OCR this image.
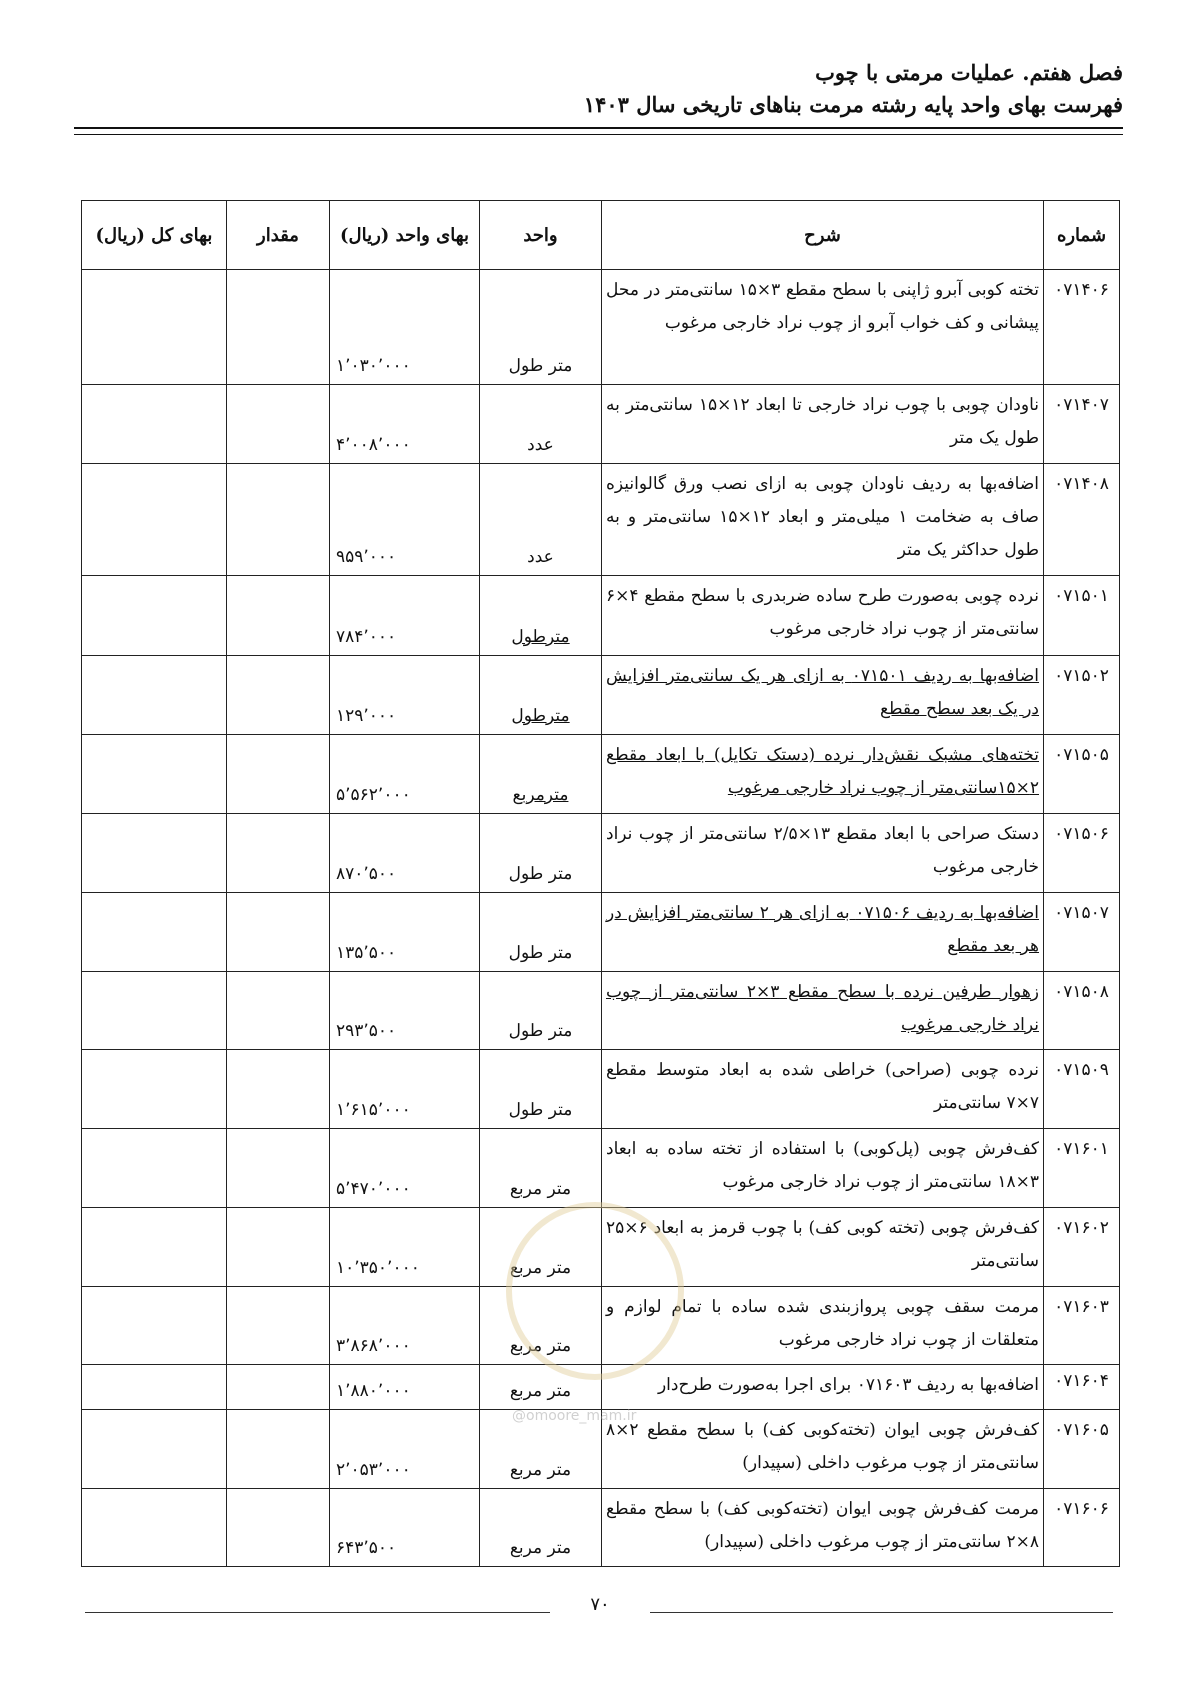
فصل هفتم. عملیات مرمتی با چوب
فهرست بهای واحد پایه رشته مرمت بناهای تاریخی سال ۱۴۰۳
شماره	شرح	واحد	بهای واحد (ریال)	مقدار	بهای کل (ریال)
۰۷۱۴۰۶	تخته کوبی آبرو ژاپنی با سطح مقطع ۳×۱۵ سانتی‌متر در محل پیشانی و کف خواب آبرو از چوب نراد خارجی مرغوب	متر طول	۱٬۰۳۰٬۰۰۰		
۰۷۱۴۰۷	ناودان چوبی با چوب نراد خارجی تا ابعاد ۱۲×۱۵ سانتی‌متر به طول یک متر	عدد	۴٬۰۰۸٬۰۰۰		
۰۷۱۴۰۸	اضافه‌بها به ردیف ناودان چوبی به ازای نصب ورق گالوانیزه صاف به ضخامت ۱ میلی‌متر و ابعاد ۱۲×۱۵ سانتی‌متر و به طول حداکثر یک متر	عدد	۹۵۹٬۰۰۰		
۰۷۱۵۰۱	نرده چوبی به‌صورت طرح ساده ضربدری با سطح مقطع ۴×۶ سانتی‌متر از چوب نراد خارجی مرغوب	مترطول	۷۸۴٬۰۰۰		
۰۷۱۵۰۲	اضافه‌بها به ردیف ۰۷۱۵۰۱ به ازای هر یک سانتی‌متر افزایش در یک بعد سطح مقطع	مترطول	۱۲۹٬۰۰۰		
۰۷۱۵۰۵	تخته‌های مشبک نقش‌دار نرده (دستک تکایل) با ابعاد مقطع ۲×۱۵سانتی‌متر از چوب نراد خارجی مرغوب	مترمربع	۵٬۵۶۲٬۰۰۰		
۰۷۱۵۰۶	دستک صراحی با ابعاد مقطع ۱۳×۲/۵ سانتی‌متر از چوب نراد خارجی مرغوب	متر طول	۸۷۰٬۵۰۰		
۰۷۱۵۰۷	اضافه‌بها به ردیف ۰۷۱۵۰۶ به ازای هر ۲ سانتی‌متر افزایش در هر بعد مقطع	متر طول	۱۳۵٬۵۰۰		
۰۷۱۵۰۸	زهوار طرفین نرده با سطح مقطع ۳×۲ سانتی‌متر از چوب نراد خارجی مرغوب	متر طول	۲۹۳٬۵۰۰		
۰۷۱۵۰۹	نرده چوبی (صراحی) خراطی شده به ابعاد متوسط مقطع ۷×۷ سانتی‌متر	متر طول	۱٬۶۱۵٬۰۰۰		
۰۷۱۶۰۱	کف‌فرش چوبی (پل‌کوبی) با استفاده از تخته ساده به ابعاد ۳×۱۸ سانتی‌متر از چوب نراد خارجی مرغوب	متر مربع	۵٬۴۷۰٬۰۰۰		
۰۷۱۶۰۲	کف‌فرش چوبی (تخته کوبی کف) با چوب قرمز به ابعاد ۶×۲۵ سانتی‌متر	متر مربع	۱۰٬۳۵۰٬۰۰۰		
۰۷۱۶۰۳	مرمت سقف چوبی پروازبندی شده ساده با تمام لوازم و متعلقات از چوب نراد خارجی مرغوب	متر مربع	۳٬۸۶۸٬۰۰۰		
۰۷۱۶۰۴	اضافه‌بها به ردیف ۰۷۱۶۰۳ برای اجرا به‌صورت طرح‌دار	متر مربع	۱٬۸۸۰٬۰۰۰		
۰۷۱۶۰۵	کف‌فرش چوبی ایوان (تخته‌کوبی کف) با سطح مقطع ۲×۸ سانتی‌متر از چوب مرغوب داخلی (سپیدار)	متر مربع	۲٬۰۵۳٬۰۰۰		
۰۷۱۶۰۶	مرمت کف‌فرش چوبی ایوان (تخته‌کوبی کف) با سطح مقطع ۸×۲ سانتی‌متر از چوب مرغوب داخلی (سپیدار)	متر مربع	۶۴۳٬۵۰۰		
@omoore_mam.ir
۷۰
